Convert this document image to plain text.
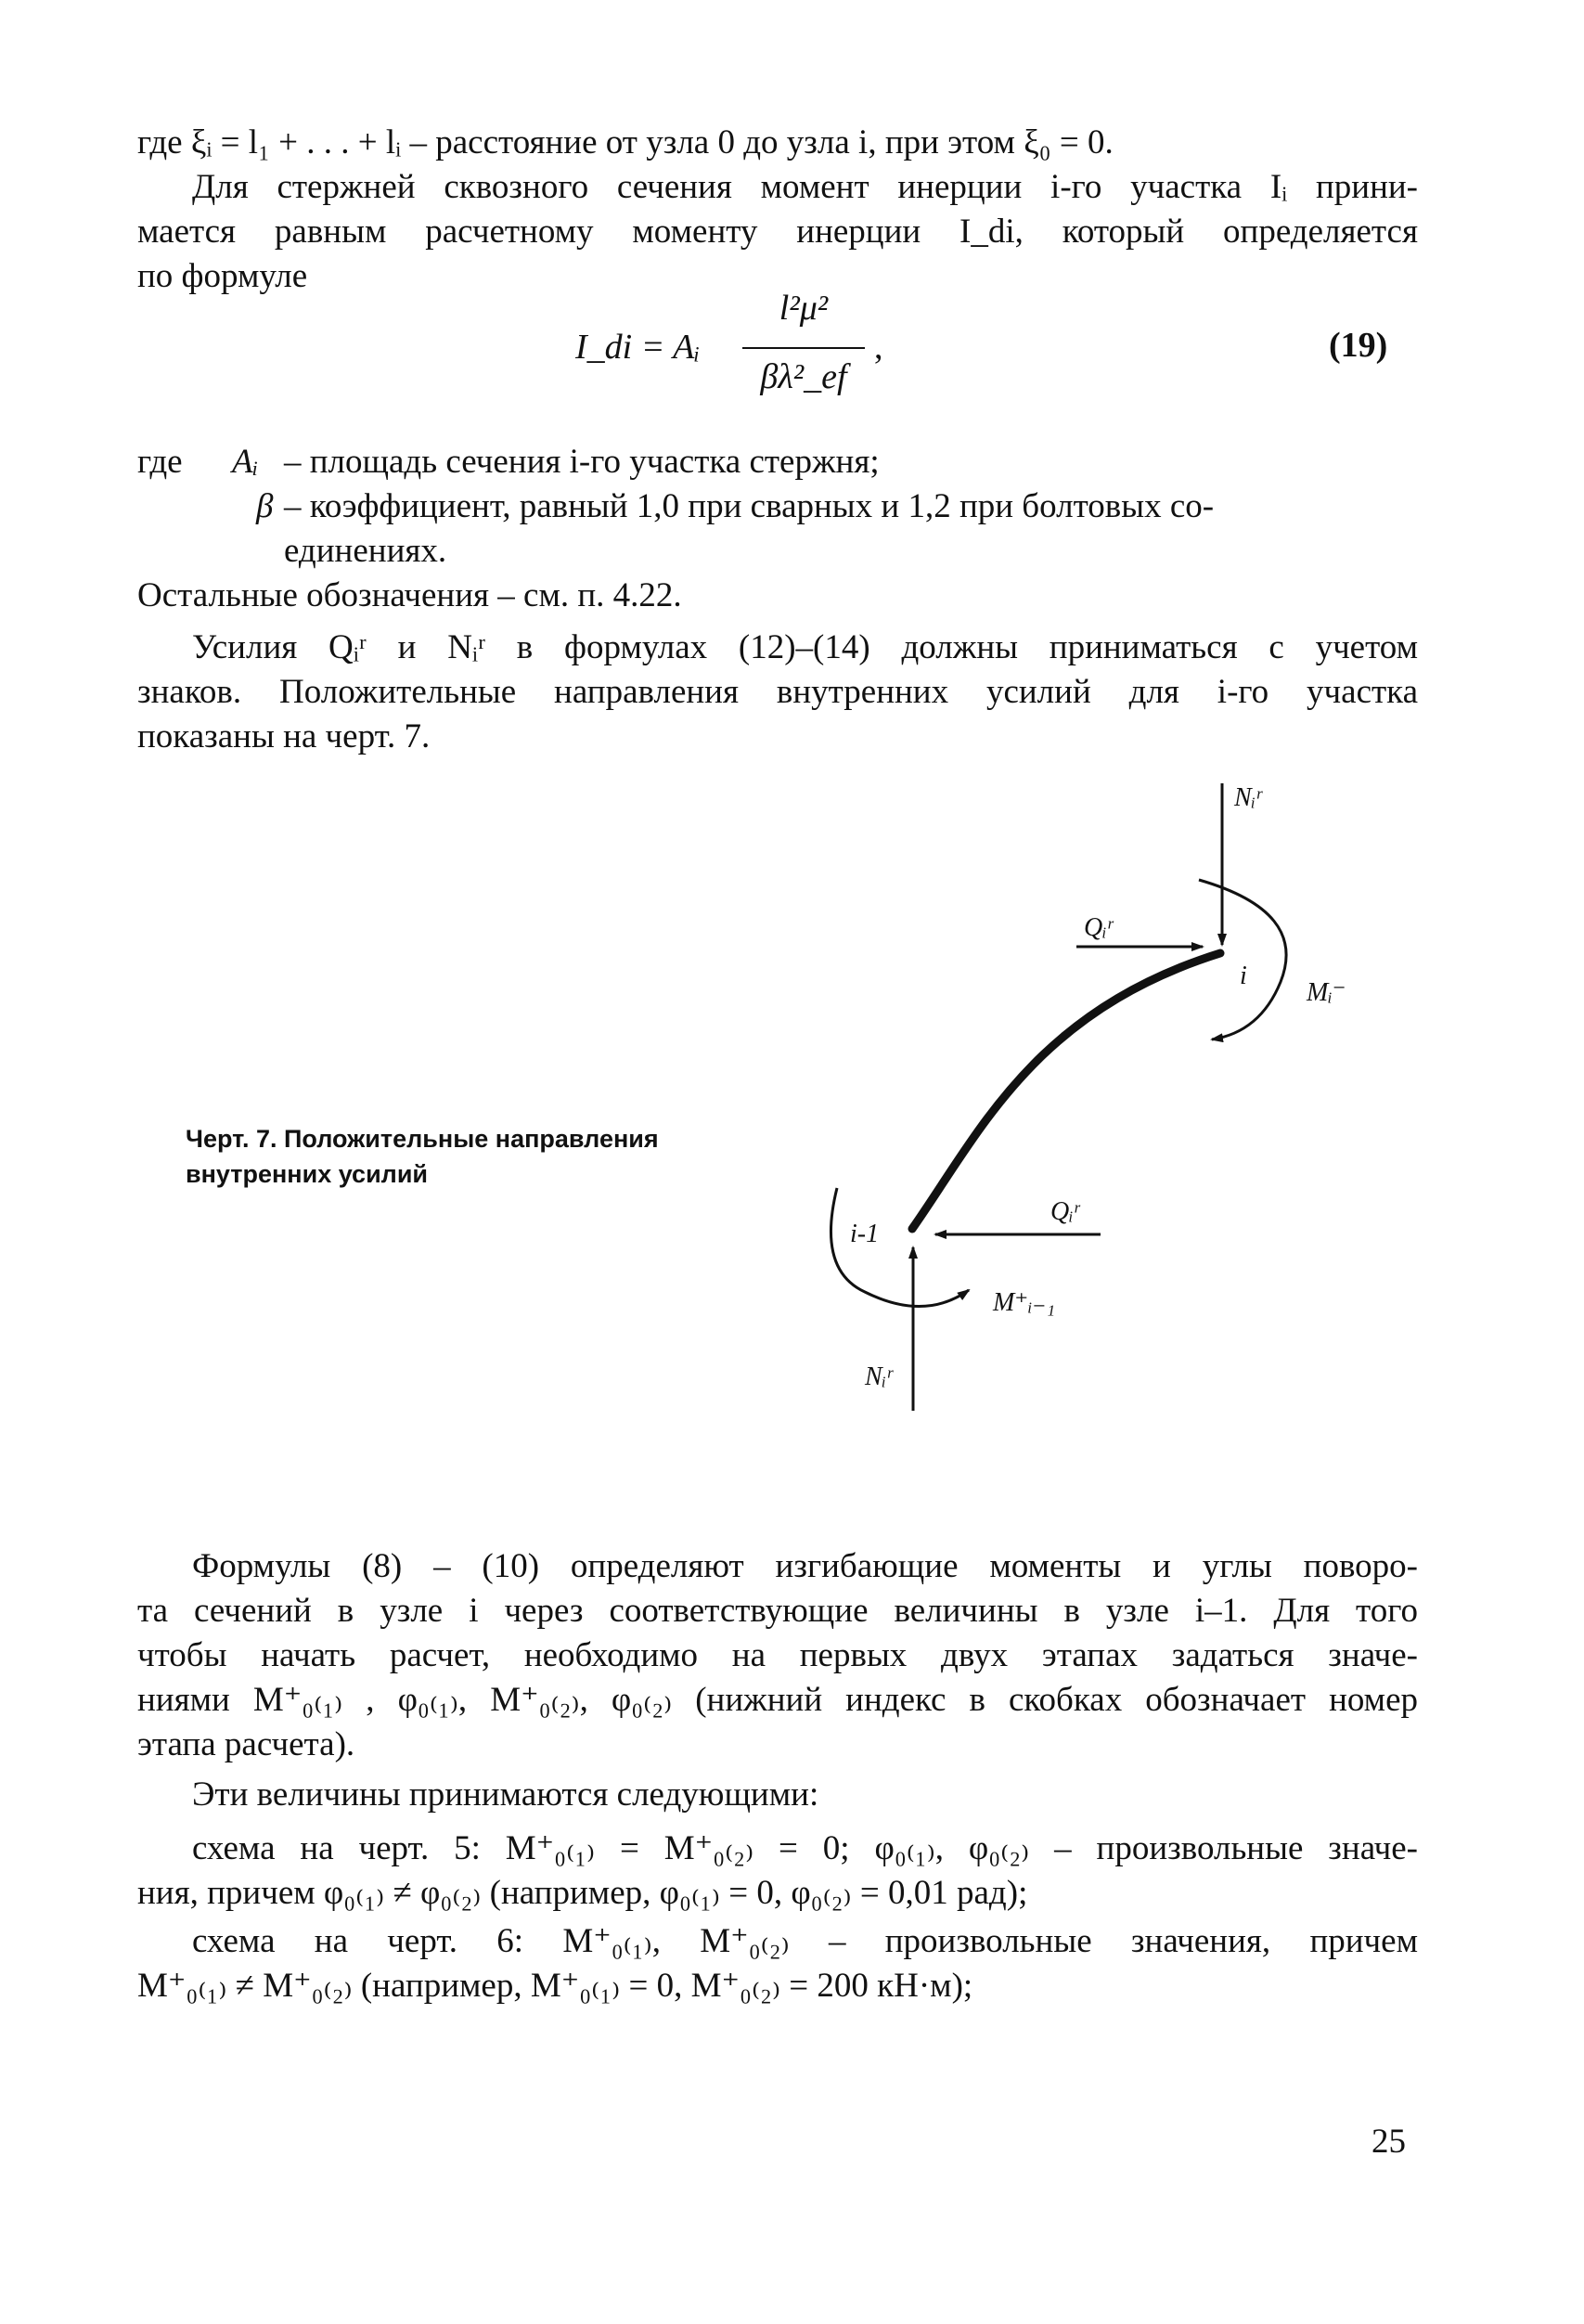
где ξᵢ = l₁ + . . . + lᵢ – расстояние от узла 0 до узла i, при этом ξ₀ = 0.
Для стержней сквозного сечения момент инерции i-го участка Iᵢ прини-
мается равным расчетному моменту инерции I_di, который определяется
по формуле
I_di = Aᵢ
l²μ²
βλ²_ef
,	(19)
где Aᵢ – площадь сечения i-го участка стержня;
β – коэффициент, равный 1,0 при сварных и 1,2 при болтовых со-
единениях.
Остальные обозначения – см. п. 4.22.
Усилия Qᵢʳ и Nᵢʳ в формулах (12)–(14) должны приниматься с учетом
знаков. Положительные направления внутренних усилий для i-го участка
показаны на черт. 7.
Черт. 7. Положительные направления внутренних усилий
Nᵢʳ
Qᵢʳ
i
Mᵢ⁻
i-1
Qᵢʳ
M⁺ᵢ₋₁
Nᵢʳ
Формулы (8) – (10) определяют изгибающие моменты и углы поворо-
та сечений в узле i через соответствующие величины в узле i–1. Для того
чтобы начать расчет, необходимо на первых двух этапах задаться значе-
ниями M⁺₀₍₁₎ , φ₀₍₁₎, M⁺₀₍₂₎, φ₀₍₂₎ (нижний индекс в скобках обозначает номер
этапа расчета).
Эти величины принимаются следующими:
схема на черт. 5: M⁺₀₍₁₎ = M⁺₀₍₂₎ = 0; φ₀₍₁₎, φ₀₍₂₎ – произвольные значе-
ния, причем φ₀₍₁₎ ≠ φ₀₍₂₎ (например, φ₀₍₁₎ = 0, φ₀₍₂₎ = 0,01 рад);
схема на черт. 6: M⁺₀₍₁₎, M⁺₀₍₂₎ – произвольные значения, причем
M⁺₀₍₁₎ ≠ M⁺₀₍₂₎ (например, M⁺₀₍₁₎ = 0, M⁺₀₍₂₎ = 200 кН·м);
25
